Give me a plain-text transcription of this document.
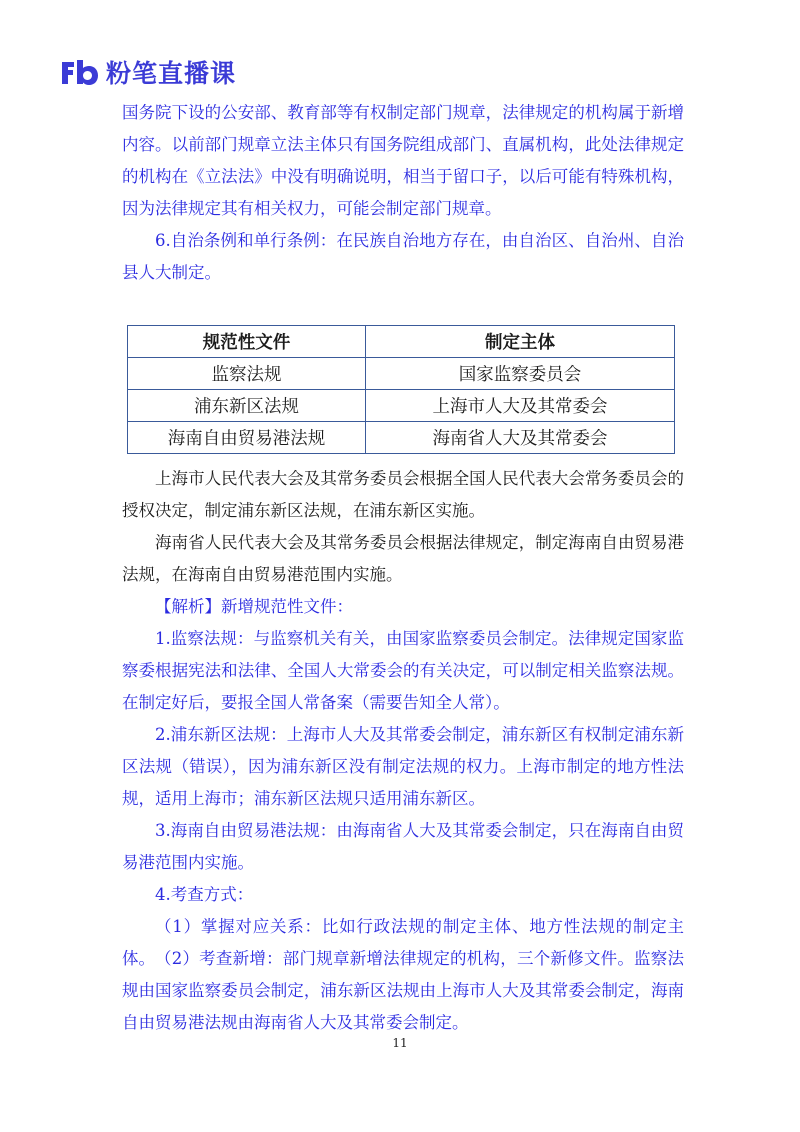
粉笔直播课

国务院下设的公安部、教育部等有权制定部门规章，法律规定的机构属于新增内容。以前部门规章立法主体只有国务院组成部门、直属机构，此处法律规定的机构在《立法法》中没有明确说明，相当于留口子，以后可能有特殊机构，因为法律规定其有相关权力，可能会制定部门规章。

6.自治条例和单行条例：在民族自治地方存在，由自治区、自治州、自治县人大制定。

规范性文件	制定主体
监察法规	国家监察委员会
浦东新区法规	上海市人大及其常委会
海南自由贸易港法规	海南省人大及其常委会

上海市人民代表大会及其常务委员会根据全国人民代表大会常务委员会的授权决定，制定浦东新区法规，在浦东新区实施。

海南省人民代表大会及其常务委员会根据法律规定，制定海南自由贸易港法规，在海南自由贸易港范围内实施。

【解析】新增规范性文件：

1.监察法规：与监察机关有关，由国家监察委员会制定。法律规定国家监察委根据宪法和法律、全国人大常委会的有关决定，可以制定相关监察法规。在制定好后，要报全国人常备案（需要告知全人常）。

2.浦东新区法规：上海市人大及其常委会制定，浦东新区有权制定浦东新区法规（错误），因为浦东新区没有制定法规的权力。上海市制定的地方性法规，适用上海市；浦东新区法规只适用浦东新区。

3.海南自由贸易港法规：由海南省人大及其常委会制定，只在海南自由贸易港范围内实施。

4.考查方式：

（1）掌握对应关系：比如行政法规的制定主体、地方性法规的制定主体。 （2）考查新增：部门规章新增法律规定的机构，三个新修文件。监察法规由国家监察委员会制定，浦东新区法规由上海市人大及其常委会制定，海南自由贸易港法规由海南省人大及其常委会制定。

11
